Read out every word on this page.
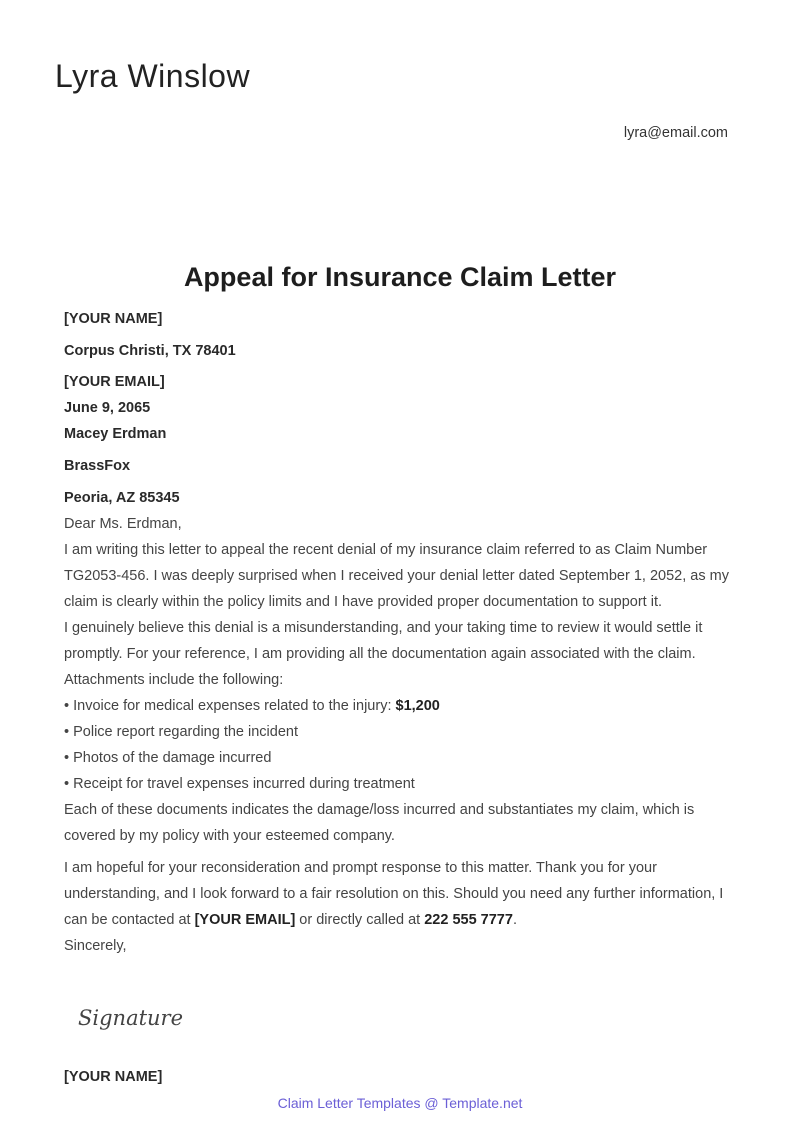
Lyra Winslow
lyra@email.com
Appeal for Insurance Claim Letter
[YOUR NAME]
Corpus Christi, TX 78401
[YOUR EMAIL]
June 9, 2065
Macey Erdman
BrassFox
Peoria, AZ 85345
Dear Ms. Erdman,
I am writing this letter to appeal the recent denial of my insurance claim referred to as Claim Number TG2053-456. I was deeply surprised when I received your denial letter dated September 1, 2052, as my claim is clearly within the policy limits and I have provided proper documentation to support it.
I genuinely believe this denial is a misunderstanding, and your taking time to review it would settle it promptly. For your reference, I am providing all the documentation again associated with the claim. Attachments include the following:
• Invoice for medical expenses related to the injury: $1,200
• Police report regarding the incident
• Photos of the damage incurred
• Receipt for travel expenses incurred during treatment
Each of these documents indicates the damage/loss incurred and substantiates my claim, which is covered by my policy with your esteemed company.
I am hopeful for your reconsideration and prompt response to this matter. Thank you for your understanding, and I look forward to a fair resolution on this. Should you need any further information, I can be contacted at [YOUR EMAIL] or directly called at 222 555 7777.
Sincerely,
Signature
[YOUR NAME]
Claim Letter Templates @ Template.net
